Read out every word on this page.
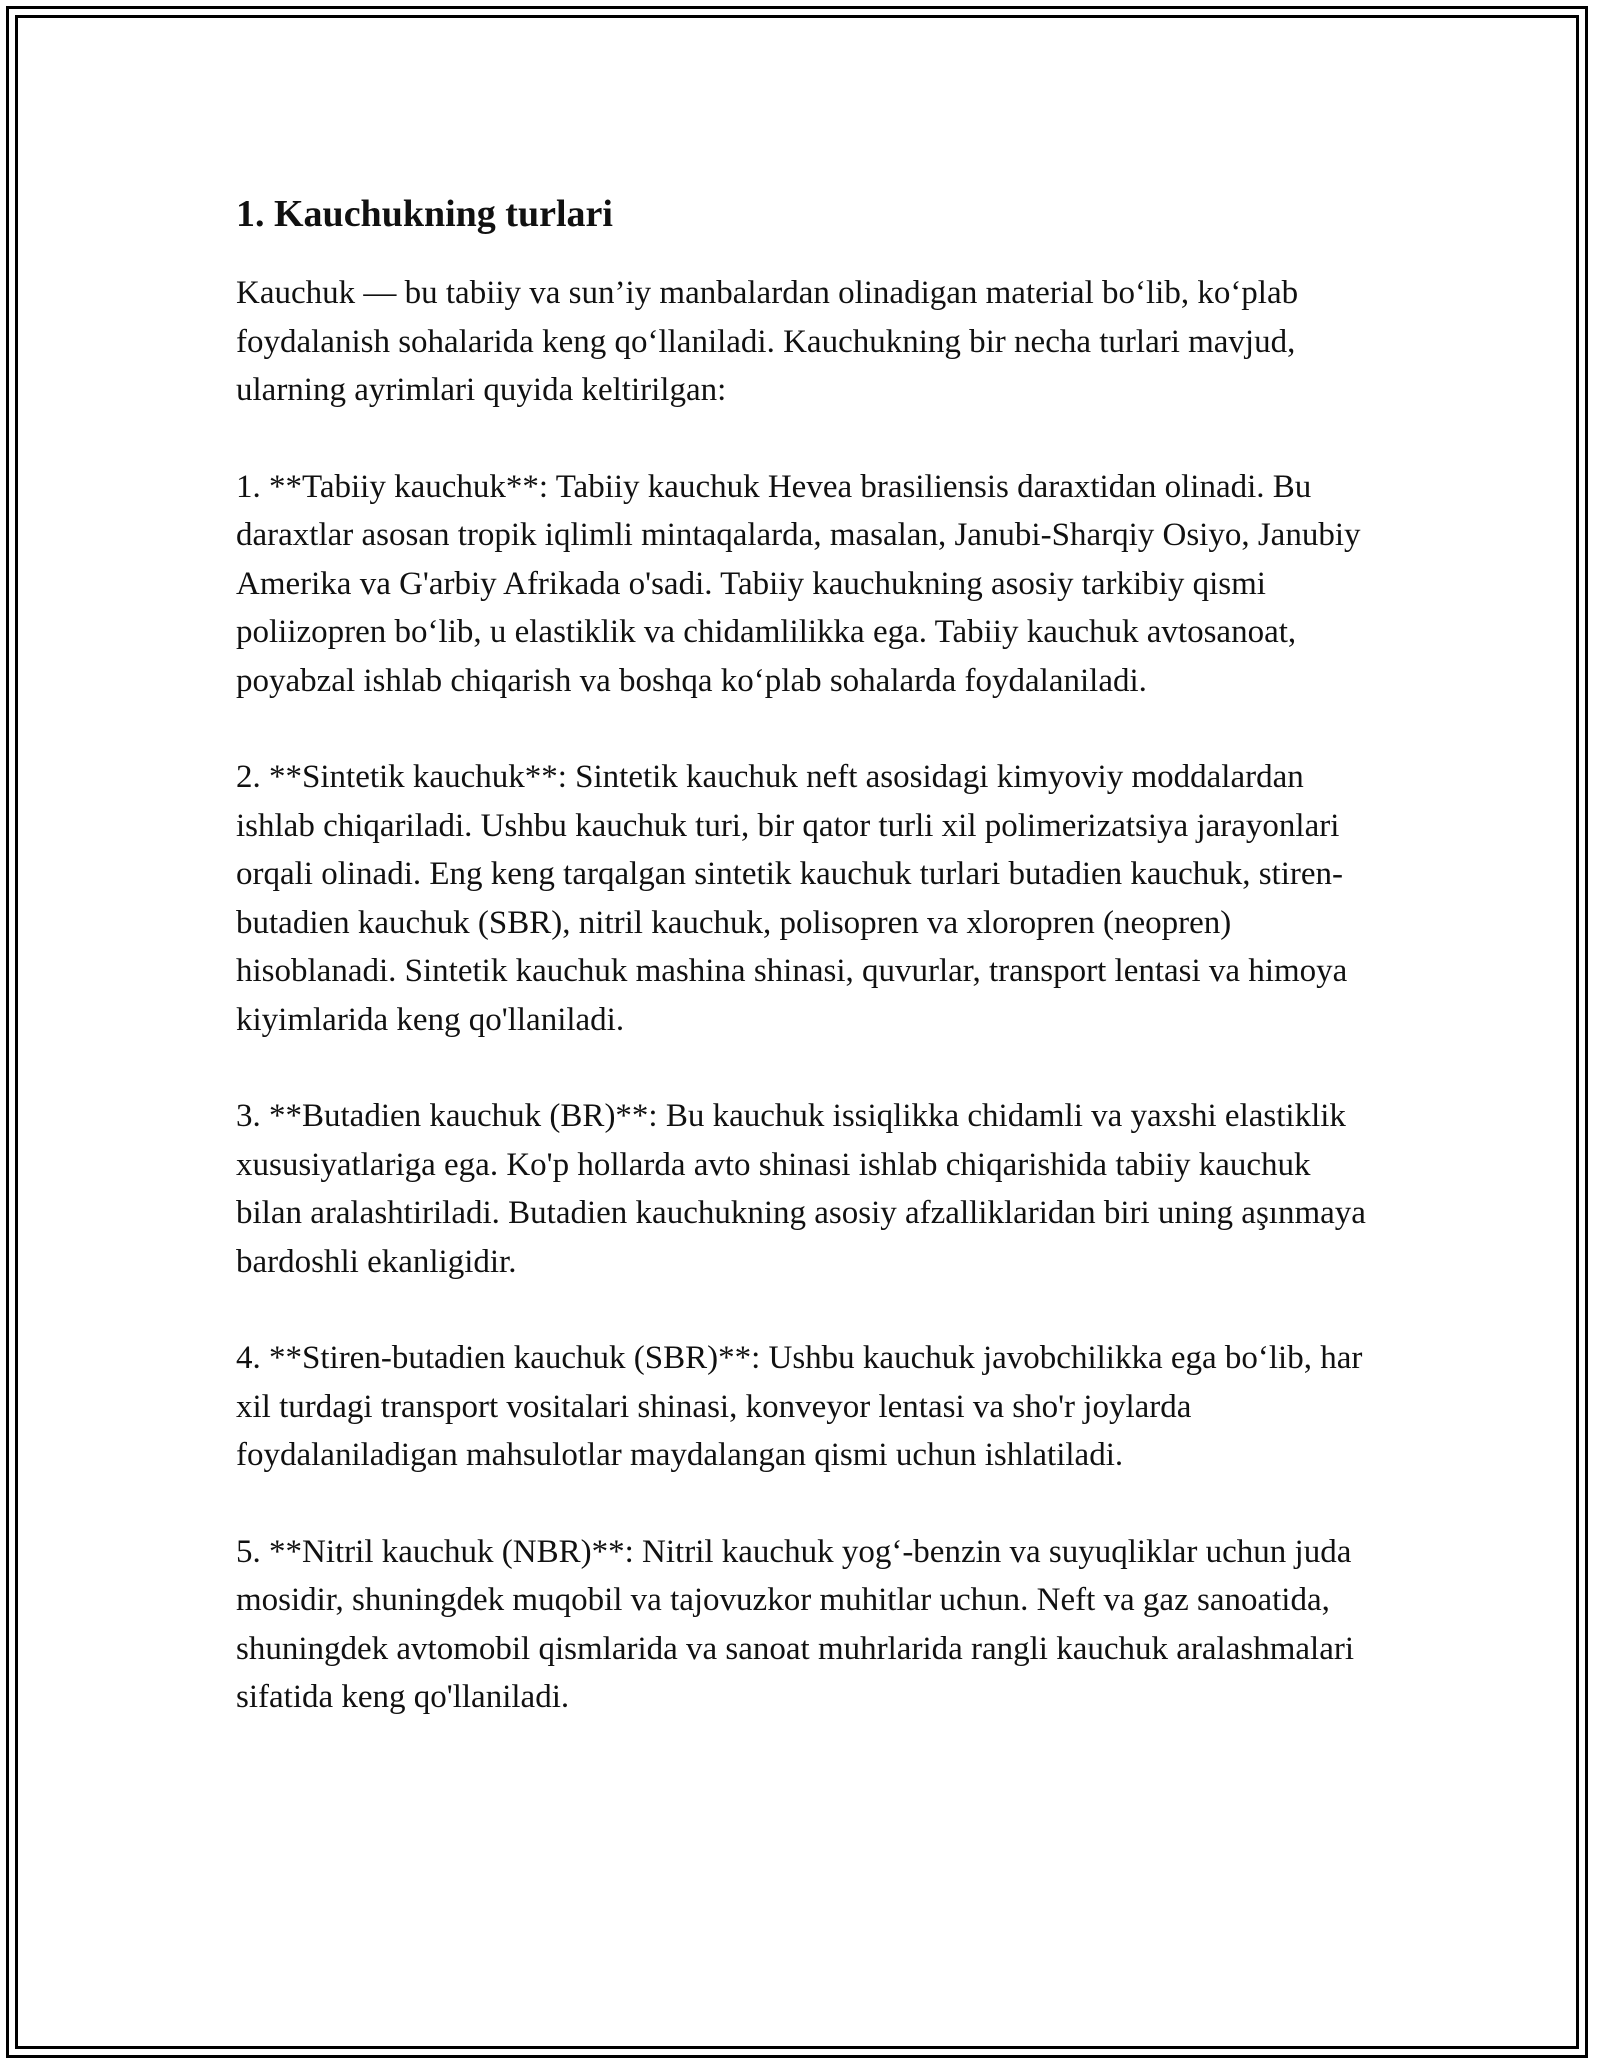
1. Kauchukning turlari

Kauchuk — bu tabiiy va sun’iy manbalardan olinadigan material bo‘lib, ko‘plab foydalanish sohalarida keng qo‘llaniladi. Kauchukning bir necha turlari mavjud, ularning ayrimlari quyida keltirilgan:

1. **Tabiiy kauchuk**: Tabiiy kauchuk Hevea brasiliensis daraxtidan olinadi. Bu daraxtlar asosan tropik iqlimli mintaqalarda, masalan, Janubi-Sharqiy Osiyo, Janubiy Amerika va G'arbiy Afrikada o'sadi. Tabiiy kauchukning asosiy tarkibiy qismi poliizopren bo‘lib, u elastiklik va chidamlilikka ega. Tabiiy kauchuk avtosanoat, poyabzal ishlab chiqarish va boshqa ko‘plab sohalarda foydalaniladi.

2. **Sintetik kauchuk**: Sintetik kauchuk neft asosidagi kimyoviy moddalardan ishlab chiqariladi. Ushbu kauchuk turi, bir qator turli xil polimerizatsiya jarayonlari orqali olinadi. Eng keng tarqalgan sintetik kauchuk turlari butadien kauchuk, stiren-butadien kauchuk (SBR), nitril kauchuk, polisopren va xloropren (neopren) hisoblanadi. Sintetik kauchuk mashina shinasi, quvurlar, transport lentasi va himoya kiyimlarida keng qo'llaniladi.

3. **Butadien kauchuk (BR)**: Bu kauchuk issiqlikka chidamli va yaxshi elastiklik xususiyatlariga ega. Ko'p hollarda avto shinasi ishlab chiqarishida tabiiy kauchuk bilan aralashtiriladi. Butadien kauchukning asosiy afzalliklaridan biri uning aşınmaya bardoshli ekanligidir.

4. **Stiren-butadien kauchuk (SBR)**: Ushbu kauchuk javobchilikka ega bo‘lib, har xil turdagi transport vositalari shinasi, konveyor lentasi va sho'r joylarda foydalaniladigan mahsulotlar maydalangan qismi uchun ishlatiladi.

5. **Nitril kauchuk (NBR)**: Nitril kauchuk yog‘-benzin va suyuqliklar uchun juda mosidir, shuningdek muqobil va tajovuzkor muhitlar uchun. Neft va gaz sanoatida, shuningdek avtomobil qismlarida va sanoat muhrlarida rangli kauchuk aralashmalari sifatida keng qo'llaniladi.
